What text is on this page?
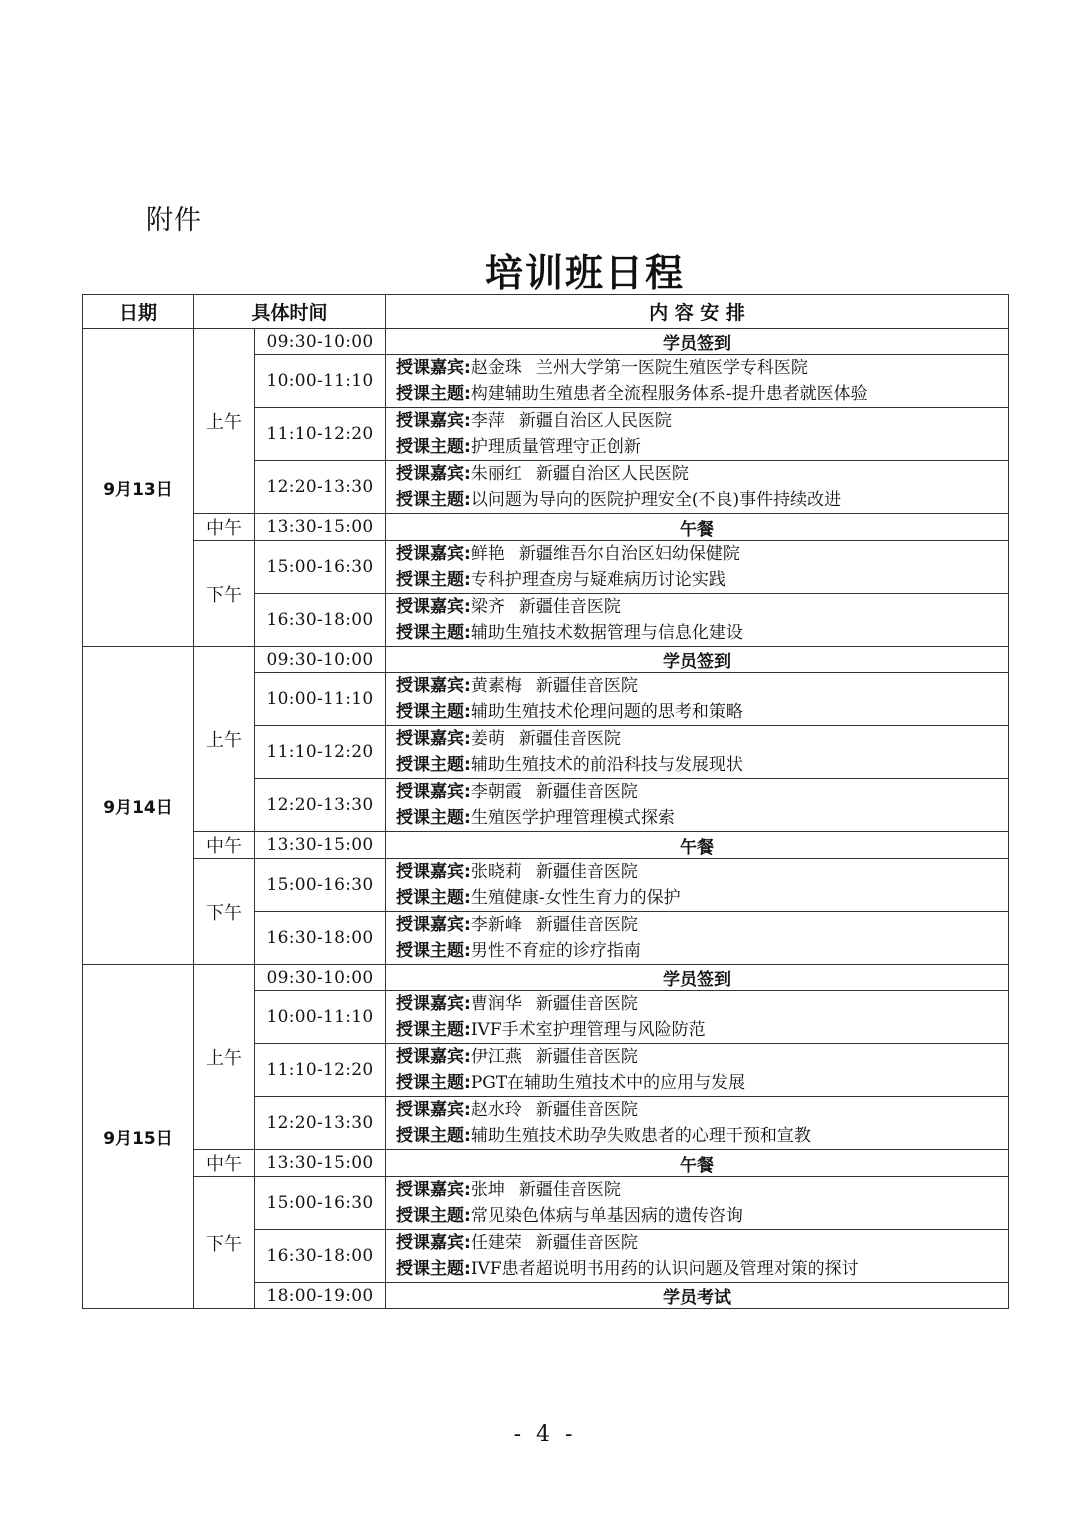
附件
培训班日程
日期	具体时间		内 容 安 排
9月13日	上午	09:30-10:00	学员签到
		10:00-11:10	授课嘉宾:赵金珠 兰州大学第一医院生殖医学专科医院
授课主题:构建辅助生殖患者全流程服务体系-提升患者就医体验

		11:10-12:20	授课嘉宾:李萍 新疆自治区人民医院
授课主题:护理质量管理守正创新

		12:20-13:30	授课嘉宾:朱丽红 新疆自治区人民医院
授课主题:以问题为导向的医院护理安全(不良)事件持续改进

	中午	13:30-15:00	午餐
	下午	15:00-16:30	授课嘉宾:鲜艳 新疆维吾尔自治区妇幼保健院
授课主题:专科护理查房与疑难病历讨论实践

		16:30-18:00	授课嘉宾:梁齐 新疆佳音医院
授课主题:辅助生殖技术数据管理与信息化建设

9月14日	上午	09:30-10:00	学员签到
		10:00-11:10	授课嘉宾:黄素梅 新疆佳音医院
授课主题:辅助生殖技术伦理问题的思考和策略

		11:10-12:20	授课嘉宾:姜萌 新疆佳音医院
授课主题:辅助生殖技术的前沿科技与发展现状

		12:20-13:30	授课嘉宾:李朝霞 新疆佳音医院
授课主题:生殖医学护理管理模式探索

	中午	13:30-15:00	午餐
	下午	15:00-16:30	授课嘉宾:张晓莉 新疆佳音医院
授课主题:生殖健康-女性生育力的保护

		16:30-18:00	授课嘉宾:李新峰 新疆佳音医院
授课主题:男性不育症的诊疗指南

9月15日	上午	09:30-10:00	学员签到
		10:00-11:10	授课嘉宾:曹润华 新疆佳音医院
授课主题:IVF手术室护理管理与风险防范

		11:10-12:20	授课嘉宾:伊江燕 新疆佳音医院
授课主题:PGT在辅助生殖技术中的应用与发展

		12:20-13:30	授课嘉宾:赵水玲 新疆佳音医院
授课主题:辅助生殖技术助孕失败患者的心理干预和宣教

	中午	13:30-15:00	午餐
	下午	15:00-16:30	授课嘉宾:张坤 新疆佳音医院
授课主题:常见染色体病与单基因病的遗传咨询

		16:30-18:00	授课嘉宾:任建荣 新疆佳音医院
授课主题:IVF患者超说明书用药的认识问题及管理对策的探讨

		18:00-19:00	学员考试
- 4 -
